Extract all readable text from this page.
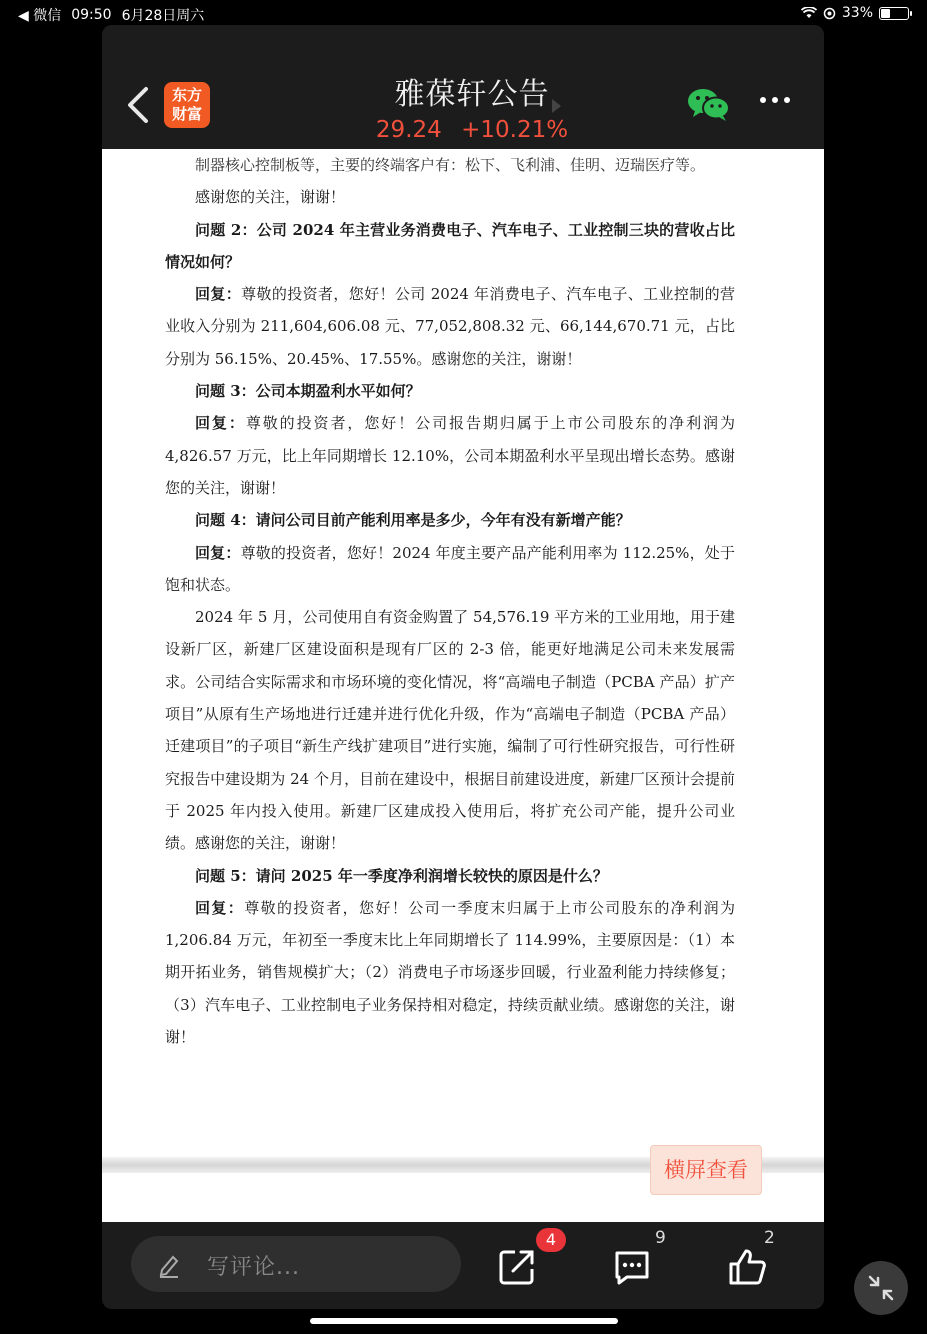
◀ 微信 09:50 6月28日周六	33%
东方
财富
雅葆轩公告
29.24 +10.21%

制器核心控制板等，主要的终端客户有：松下、飞利浦、佳明、迈瑞医疗等。

感谢您的关注，谢谢！

问题 2：公司 2024 年主营业务消费电子、汽车电子、工业控制三块的营收占比情况如何？

回复：尊敬的投资者，您好！公司 2024 年消费电子、汽车电子、工业控制的营业收入分别为 211,604,606.08 元、77,052,808.32 元、66,144,670.71 元，占比分别为 56.15%、20.45%、17.55%。感谢您的关注，谢谢！

问题 3：公司本期盈利水平如何？

回复：尊敬的投资者，您好！公司报告期归属于上市公司股东的净利润为 4,826.57 万元，比上年同期增长 12.10%，公司本期盈利水平呈现出增长态势。感谢您的关注，谢谢！

问题 4：请问公司目前产能利用率是多少，今年有没有新增产能？

回复：尊敬的投资者，您好！2024 年度主要产品产能利用率为 112.25%，处于饱和状态。

2024 年 5 月，公司使用自有资金购置了 54,576.19 平方米的工业用地，用于建设新厂区，新建厂区建设面积是现有厂区的 2-3 倍，能更好地满足公司未来发展需求。公司结合实际需求和市场环境的变化情况，将“高端电子制造（PCBA 产品）扩产项目”从原有生产场地进行迁建并进行优化升级，作为“高端电子制造（PCBA 产品）迁建项目”的子项目“新生产线扩建项目”进行实施，编制了可行性研究报告，可行性研究报告中建设期为 24 个月，目前在建设中，根据目前建设进度，新建厂区预计会提前于 2025 年内投入使用。新建厂区建成投入使用后，将扩充公司产能，提升公司业绩。感谢您的关注，谢谢！

问题 5：请问 2025 年一季度净利润增长较快的原因是什么？

回复：尊敬的投资者，您好！公司一季度末归属于上市公司股东的净利润为 1,206.84 万元，年初至一季度末比上年同期增长了 114.99%，主要原因是：（1）本期开拓业务，销售规模扩大；（2）消费电子市场逐步回暖，行业盈利能力持续修复；（3）汽车电子、工业控制电子业务保持相对稳定，持续贡献业绩。感谢您的关注，谢谢！

横屏查看
写评论...
4	9	2
